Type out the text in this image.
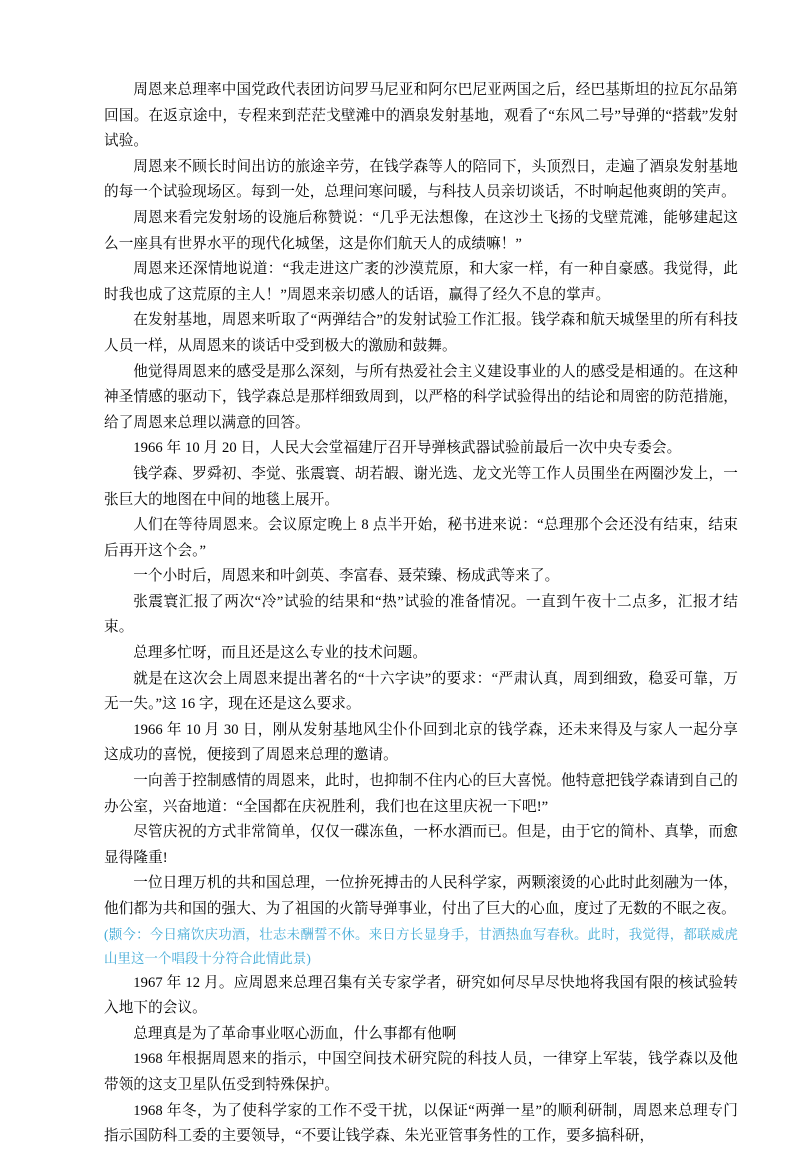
周恩来总理率中国党政代表团访问罗马尼亚和阿尔巴尼亚两国之后，经巴基斯坦的拉瓦尔品第回国。在返京途中，专程来到茫茫戈壁滩中的酒泉发射基地，观看了“东风二号”导弹的“搭载”发射试验。

周恩来不顾长时间出访的旅途辛劳，在钱学森等人的陪同下，头顶烈日，走遍了酒泉发射基地的每一个试验现场区。每到一处，总理问寒问暖，与科技人员亲切谈话，不时响起他爽朗的笑声。

周恩来看完发射场的设施后称赞说：“几乎无法想像，在这沙土飞扬的戈壁荒滩，能够建起这么一座具有世界水平的现代化城堡，这是你们航天人的成绩嘛！”

周恩来还深情地说道：“我走进这广袤的沙漠荒原，和大家一样，有一种自豪感。我觉得，此时我也成了这荒原的主人！”周恩来亲切感人的话语，赢得了经久不息的掌声。

在发射基地，周恩来听取了“两弹结合”的发射试验工作汇报。钱学森和航天城堡里的所有科技人员一样，从周恩来的谈话中受到极大的激励和鼓舞。

他觉得周恩来的感受是那么深刻，与所有热爱社会主义建设事业的人的感受是相通的。在这种神圣情感的驱动下，钱学森总是那样细致周到，以严格的科学试验得出的结论和周密的防范措施，给了周恩来总理以满意的回答。

1966 年 10 月 20 日，人民大会堂福建厅召开导弹核武器试验前最后一次中央专委会。

钱学森、罗舜初、李觉、张震寰、胡若嘏、谢光选、龙文光等工作人员围坐在两圈沙发上，一张巨大的地图在中间的地毯上展开。

人们在等待周恩来。会议原定晚上 8 点半开始，秘书进来说：“总理那个会还没有结束，结束后再开这个会。”

一个小时后，周恩来和叶剑英、李富春、聂荣臻、杨成武等来了。

张震寰汇报了两次“冷”试验的结果和“热”试验的准备情况。一直到午夜十二点多，汇报才结束。

总理多忙呀，而且还是这么专业的技术问题。

就是在这次会上周恩来提出著名的“十六字诀”的要求：“严肃认真，周到细致，稳妥可靠，万无一失。”这 16 字，现在还是这么要求。

1966 年 10 月 30 日，刚从发射基地风尘仆仆回到北京的钱学森，还未来得及与家人一起分享这成功的喜悦，便接到了周恩来总理的邀请。

一向善于控制感情的周恩来，此时，也抑制不住内心的巨大喜悦。他特意把钱学森请到自己的办公室，兴奋地道：“全国都在庆祝胜利，我们也在这里庆祝一下吧!”

尽管庆祝的方式非常简单，仅仅一碟冻鱼，一杯水酒而已。但是，由于它的简朴、真挚，而愈显得隆重!

一位日理万机的共和国总理，一位拚死搏击的人民科学家，两颗滚烫的心此时此刻融为一体，他们都为共和国的强大、为了祖国的火箭导弹事业，付出了巨大的心血，度过了无数的不眠之夜。

(颢今：今日痛饮庆功酒，壮志未酬誓不休。来日方长显身手，甘洒热血写春秋。此时，我觉得，都联威虎山里这一个唱段十分符合此情此景)

1967 年 12 月。应周恩来总理召集有关专家学者，研究如何尽早尽快地将我国有限的核试验转入地下的会议。

总理真是为了革命事业呕心沥血，什么事都有他啊

1968 年根据周恩来的指示，中国空间技术研究院的科技人员，一律穿上军装，钱学森以及他带领的这支卫星队伍受到特殊保护。

1968 年冬，为了使科学家的工作不受干扰，以保证“两弹一星”的顺利研制，周恩来总理专门指示国防科工委的主要领导，“不要让钱学森、朱光亚管事务性的工作，要多搞科研，
